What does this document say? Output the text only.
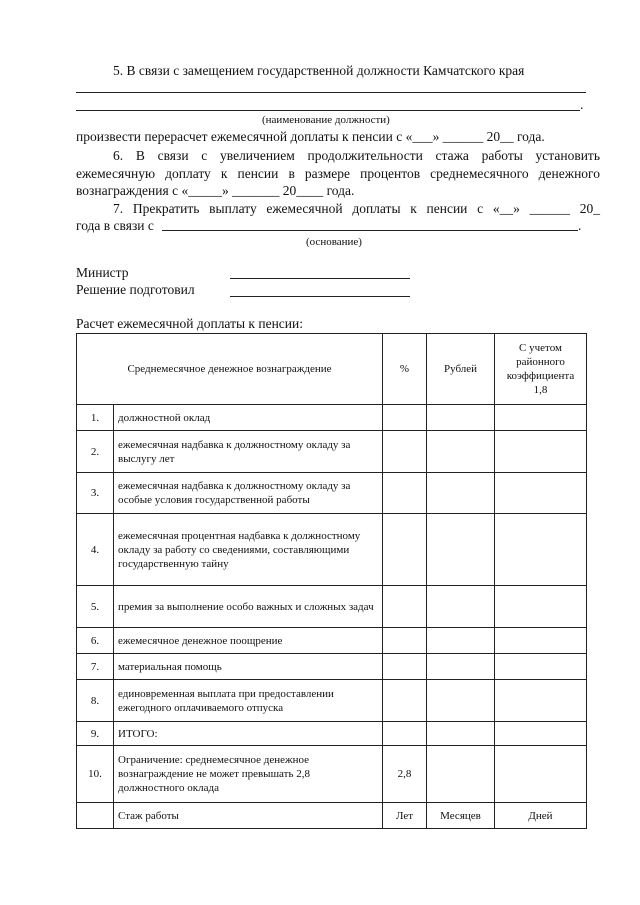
5. В связи с замещением государственной должности Камчатского края
.
(наименование должности)
произвести перерасчет ежемесячной доплаты к пенсии с «___» ______ 20__ года.
6. В связи с увеличением продолжительности стажа работы установить
ежемесячную доплату к пенсии в размере процентов среднемесячного денежного
вознаграждения с «_____» _______ 20____ года.
7. Прекратить выплату ежемесячной доплаты к пенсии с «__» ______ 20_
года в связи с	.
(основание)
Министр
Решение подготовил
Расчет ежемесячной доплаты к пенсии:
Среднемесячное денежное вознаграждение		%	Рублей	С учетом районного коэффициента 1,8
1.	должностной оклад			
2.	ежемесячная надбавка к должностному окладу за выслугу лет			
3.	ежемесячная надбавка к должностному окладу за особые условия государственной работы			
4.	ежемесячная процентная надбавка к должностному окладу за работу со сведениями, составляющими государственную тайну			
5.	премия за выполнение особо важных и сложных задач			
6.	ежемесячное денежное поощрение			
7.	материальная помощь			
8.	единовременная выплата при предоставлении ежегодного оплачиваемого отпуска			
9.	ИТОГО:			
10.	Ограничение: среднемесячное денежное вознаграждение не может превышать 2,8 должностного оклада	2,8		
	Стаж работы	Лет	Месяцев	Дней
